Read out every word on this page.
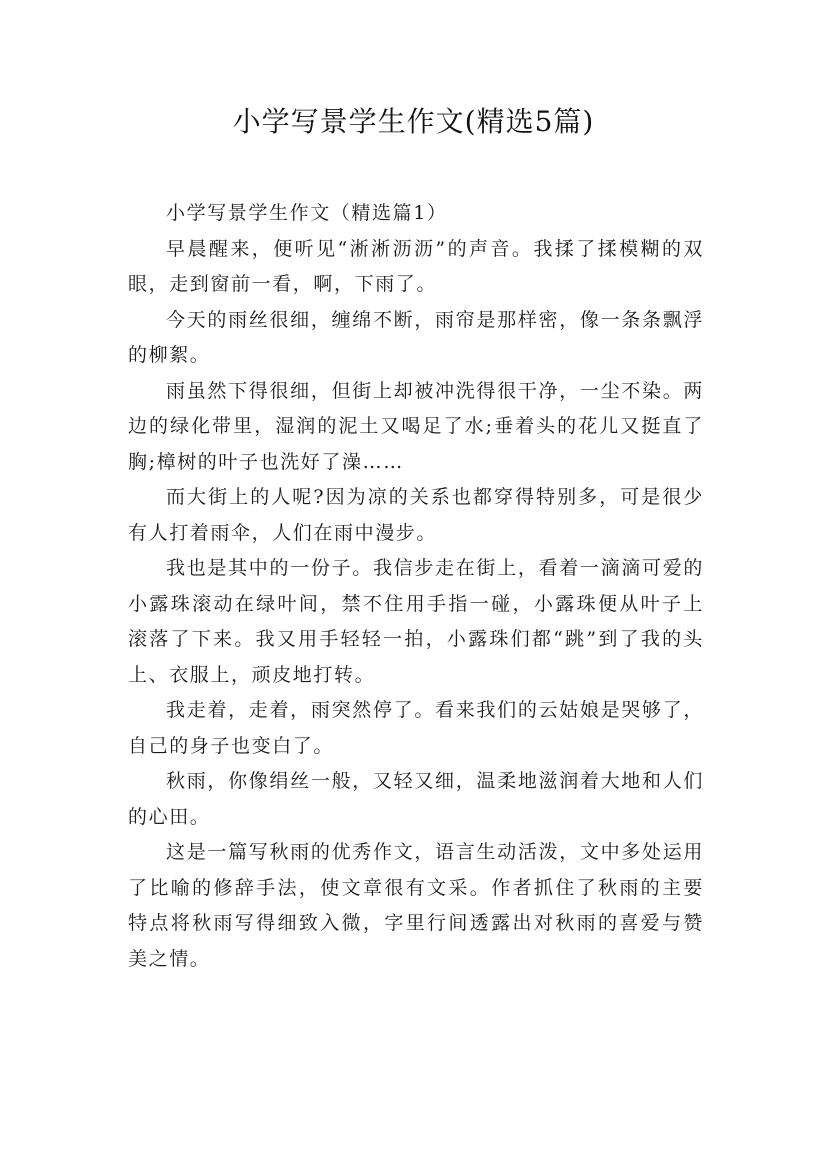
小学写景学生作文(精选5篇)

小学写景学生作文（精选篇1）

早晨醒来，便听见“淅淅沥沥”的声音。我揉了揉模糊的双眼，走到窗前一看，啊，下雨了。

今天的雨丝很细，缠绵不断，雨帘是那样密，像一条条飘浮的柳絮。

雨虽然下得很细，但街上却被冲洗得很干净，一尘不染。两边的绿化带里，湿润的泥土又喝足了水;垂着头的花儿又挺直了胸;樟树的叶子也洗好了澡……

而大街上的人呢?因为凉的关系也都穿得特别多，可是很少有人打着雨伞，人们在雨中漫步。

我也是其中的一份子。我信步走在街上，看着一滴滴可爱的小露珠滚动在绿叶间，禁不住用手指一碰，小露珠便从叶子上滚落了下来。我又用手轻轻一拍，小露珠们都“跳”到了我的头上、衣服上，顽皮地打转。

我走着，走着，雨突然停了。看来我们的云姑娘是哭够了，自己的身子也变白了。

秋雨，你像绢丝一般，又轻又细，温柔地滋润着大地和人们的心田。

这是一篇写秋雨的优秀作文，语言生动活泼，文中多处运用了比喻的修辞手法，使文章很有文采。作者抓住了秋雨的主要特点将秋雨写得细致入微，字里行间透露出对秋雨的喜爱与赞美之情。
